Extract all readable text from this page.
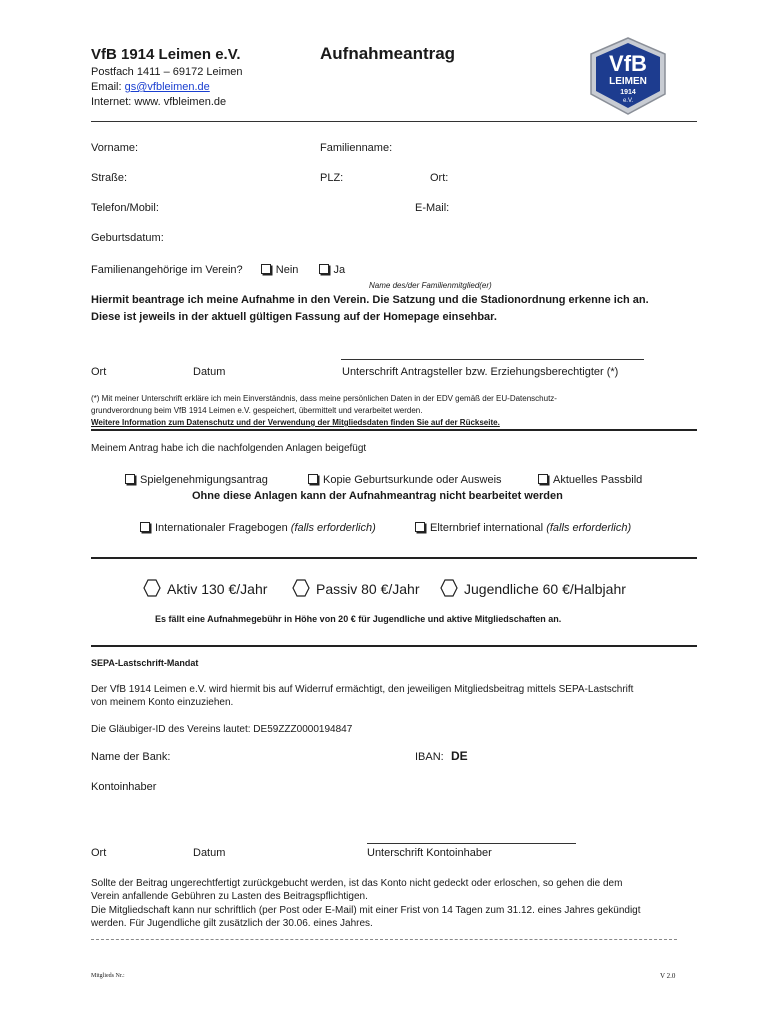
VfB 1914 Leimen e.V.	Aufnahmeantrag
Postfach 1411 – 69172 Leimen
Email: gs@vfbleimen.de
Internet: www. vfbleimen.de
VfB
LEIMEN
1914
e.V.
Vorname:	Familienname:
Straße:	PLZ:	Ort:
Telefon/Mobil:	E-Mail:
Geburtsdatum:
Familienangehörige im Verein?	Nein	Ja
Name des/der Familienmitglied(er)
Hiermit beantrage ich meine Aufnahme in den Verein. Die Satzung und die Stadionordnung erkenne ich an.
Diese ist jeweils in der aktuell gültigen Fassung auf der Homepage einsehbar.
Ort	Datum	Unterschrift Antragsteller bzw. Erziehungsberechtigter (*)
(*) Mit meiner Unterschrift erkläre ich mein Einverständnis, dass meine persönlichen Daten in der EDV gemäß der EU-Datenschutz-
grundverordnung beim VfB 1914 Leimen e.V. gespeichert, übermittelt und verarbeitet werden.
Weitere Information zum Datenschutz und der Verwendung der Mitgliedsdaten finden Sie auf der Rückseite.
Meinem Antrag habe ich die nachfolgenden Anlagen beigefügt
Spielgenehmigungsantrag	Kopie Geburtsurkunde oder Ausweis	Aktuelles Passbild
Ohne diese Anlagen kann der Aufnahmeantrag nicht bearbeitet werden
Internationaler Fragebogen (falls erforderlich)	Elternbrief international (falls erforderlich)
Aktiv 130 €/Jahr	Passiv 80 €/Jahr	Jugendliche 60 €/Halbjahr
Es fällt eine Aufnahmegebühr in Höhe von 20 € für Jugendliche und aktive Mitgliedschaften an.
SEPA-Lastschrift-Mandat
Der VfB 1914 Leimen e.V. wird hiermit bis auf Widerruf ermächtigt, den jeweiligen Mitgliedsbeitrag mittels SEPA-Lastschrift
von meinem Konto einzuziehen.
Die Gläubiger-ID des Vereins lautet: DE59ZZZ0000194847
Name der Bank:	IBAN: DE
Kontoinhaber
Ort	Datum	Unterschrift Kontoinhaber
Sollte der Beitrag ungerechtfertigt zurückgebucht werden, ist das Konto nicht gedeckt oder erloschen, so gehen die dem
Verein anfallende Gebühren zu Lasten des Beitragspflichtigen.
Die Mitgliedschaft kann nur schriftlich (per Post oder E-Mail) mit einer Frist von 14 Tagen zum 31.12. eines Jahres gekündigt
werden. Für Jugendliche gilt zusätzlich der 30.06. eines Jahres.
Mitglieds Nr.:	V 2.0
